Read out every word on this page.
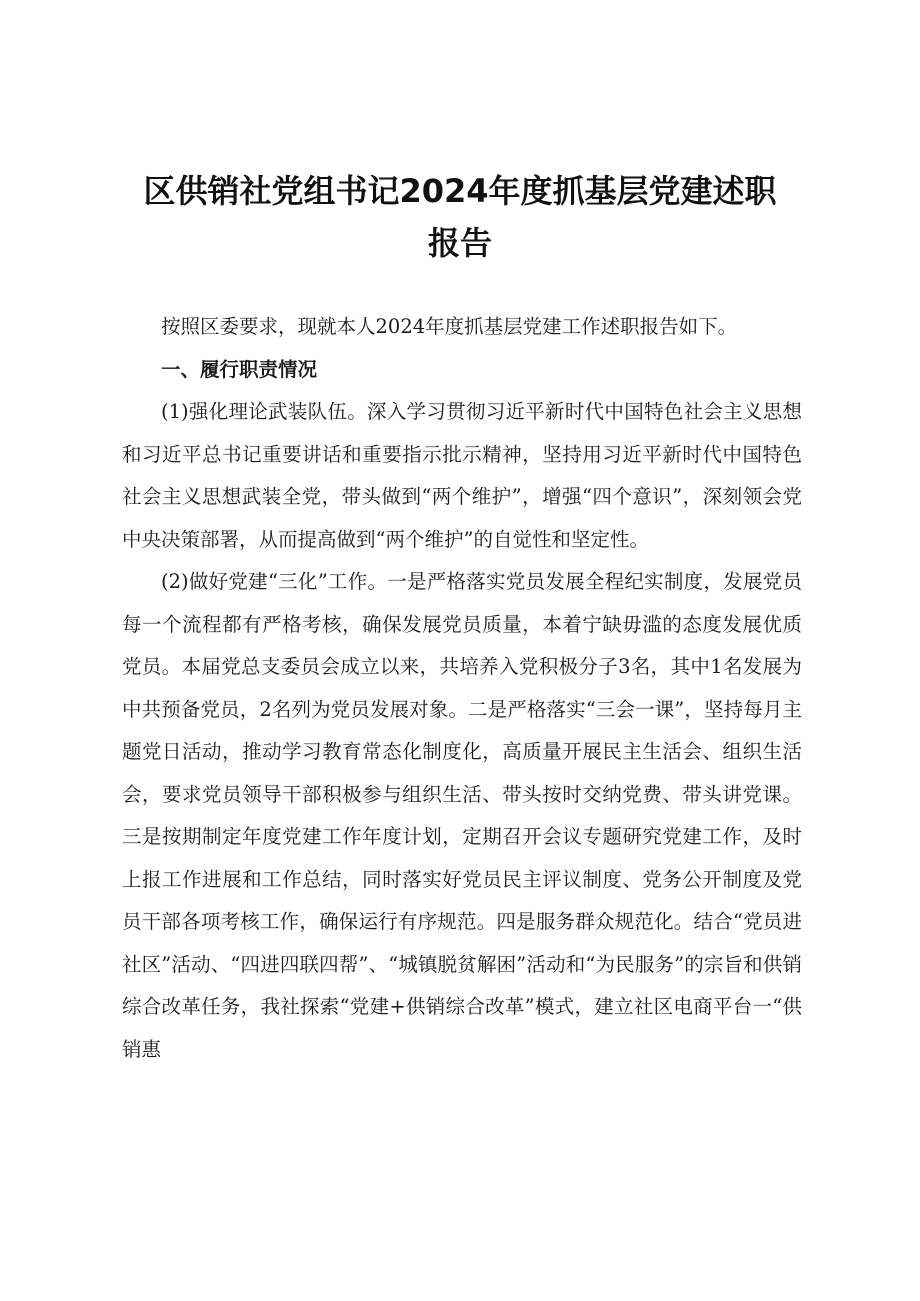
区供销社党组书记2024年度抓基层党建述职
报告

按照区委要求，现就本人2024年度抓基层党建工作述职报告如下。

一、履行职责情况

(1)强化理论武装队伍。深入学习贯彻习近平新时代中国特色社会主义思想和习近平总书记重要讲话和重要指示批示精神，坚持用习近平新时代中国特色社会主义思想武装全党，带头做到“两个维护”，增强“四个意识”，深刻领会党中央决策部署，从而提高做到“两个维护”的自觉性和坚定性。

(2)做好党建“三化”工作。一是严格落实党员发展全程纪实制度，发展党员每一个流程都有严格考核，确保发展党员质量，本着宁缺毋滥的态度发展优质党员。本届党总支委员会成立以来，共培养入党积极分子3名，其中1名发展为中共预备党员，2名列为党员发展对象。二是严格落实“三会一课”，坚持每月主题党日活动，推动学习教育常态化制度化，高质量开展民主生活会、组织生活会，要求党员领导干部积极参与组织生活、带头按时交纳党费、带头讲党课。三是按期制定年度党建工作年度计划，定期召开会议专题研究党建工作，及时上报工作进展和工作总结，同时落实好党员民主评议制度、党务公开制度及党员干部各项考核工作，确保运行有序规范。四是服务群众规范化。结合“党员进社区”活动、“四进四联四帮”、“城镇脱贫解困”活动和“为民服务”的宗旨和供销综合改革任务，我社探索“党建+供销综合改革”模式，建立社区电商平台一“供销惠
